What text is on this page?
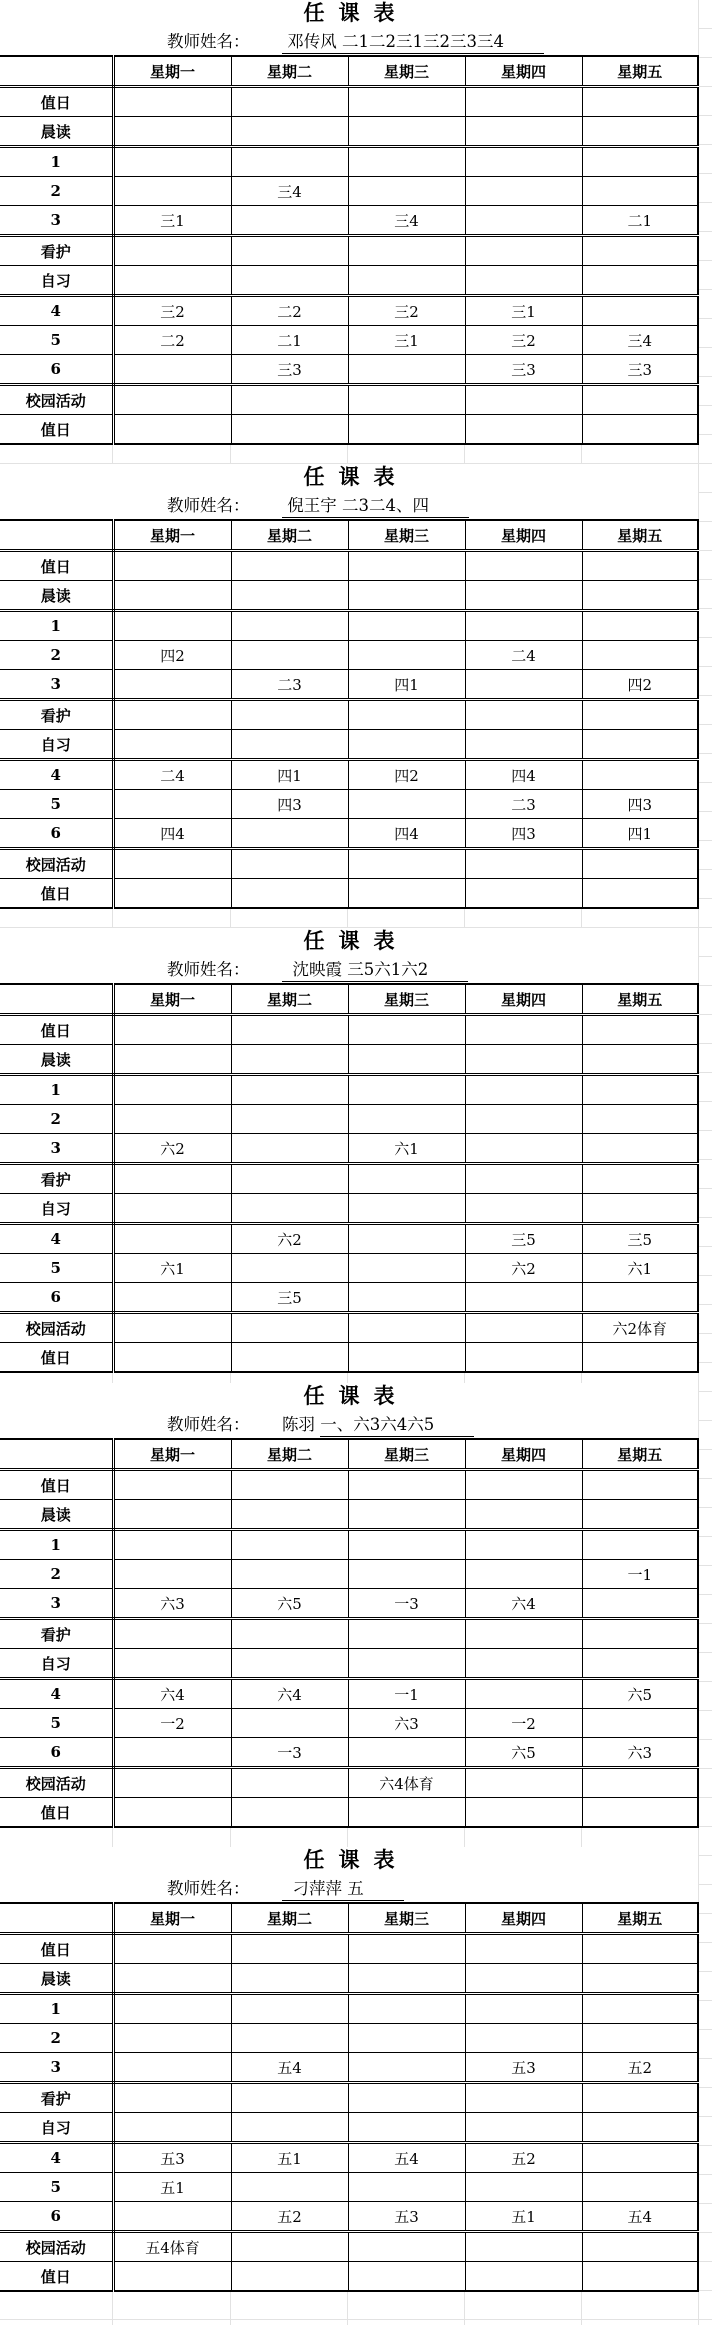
任课表
教师姓名： 邓传风 二1二2三1三2三3三4
	星期一	星期二	星期三	星期四	星期五
值日					
晨读					
1					
2		三4			
3	三1		三4		二1
看护					
自习					
4	三2	二2	三2	三1	
5	二2	二1	三1	三2	三4
6		三3		三3	三3
校园活动					
值日					
任课表
教师姓名： 倪王宇 二3二4、四
	星期一	星期二	星期三	星期四	星期五
值日					
晨读					
1					
2	四2			二4	
3		二3	四1		四2
看护					
自习					
4	二4	四1	四2	四4	
5		四3		二3	四3
6	四4		四4	四3	四1
校园活动					
值日					
任课表
教师姓名： 沈映霞 三5六1六2
	星期一	星期二	星期三	星期四	星期五
值日					
晨读					
1					
2					
3	六2		六1		
看护					
自习					
4		六2		三5	三5
5	六1			六2	六1
6		三5			
校园活动					六2体育
值日					
任课表
教师姓名： 陈羽 一、六3六4六5
	星期一	星期二	星期三	星期四	星期五
值日					
晨读					
1					
2					一1
3	六3	六5	一3	六4	
看护					
自习					
4	六4	六4	一1		六5
5	一2		六3	一2	
6		一3		六5	六3
校园活动			六4体育		
值日					
任课表
教师姓名： 刁萍萍 五
	星期一	星期二	星期三	星期四	星期五
值日					
晨读					
1					
2					
3		五4		五3	五2
看护					
自习					
4	五3	五1	五4	五2	
5	五1				
6		五2	五3	五1	五4
校园活动	五4体育				
值日					
